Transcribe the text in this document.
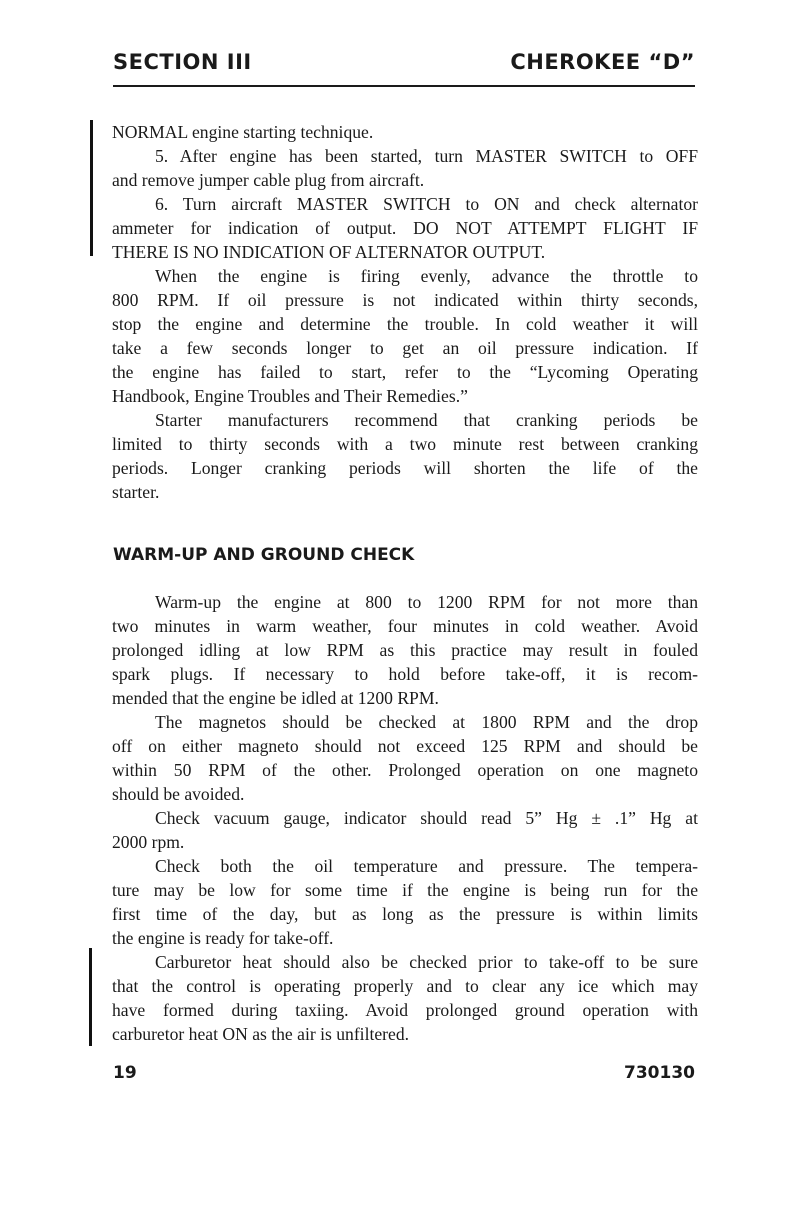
SECTION III	CHEROKEE “D”
NORMAL engine starting technique.
5. After engine has been started, turn MASTER SWITCH to OFF
and remove jumper cable plug from aircraft.
6. Turn aircraft MASTER SWITCH to ON and check alternator
ammeter for indication of output. DO NOT ATTEMPT FLIGHT IF
THERE IS NO INDICATION OF ALTERNATOR OUTPUT.
When the engine is firing evenly, advance the throttle to
800 RPM. If oil pressure is not indicated within thirty seconds,
stop the engine and determine the trouble. In cold weather it will
take a few seconds longer to get an oil pressure indication. If
the engine has failed to start, refer to the “Lycoming Operating
Handbook, Engine Troubles and Their Remedies.”
Starter manufacturers recommend that cranking periods be
limited to thirty seconds with a two minute rest between cranking
periods. Longer cranking periods will shorten the life of the
starter.
WARM-UP AND GROUND CHECK
Warm-up the engine at 800 to 1200 RPM for not more than
two minutes in warm weather, four minutes in cold weather. Avoid
prolonged idling at low RPM as this practice may result in fouled
spark plugs. If necessary to hold before take-off, it is recom-
mended that the engine be idled at 1200 RPM.
The magnetos should be checked at 1800 RPM and the drop
off on either magneto should not exceed 125 RPM and should be
within 50 RPM of the other. Prolonged operation on one magneto
should be avoided.
Check vacuum gauge, indicator should read 5” Hg ± .1” Hg at
2000 rpm.
Check both the oil temperature and pressure. The tempera-
ture may be low for some time if the engine is being run for the
first time of the day, but as long as the pressure is within limits
the engine is ready for take-off.
Carburetor heat should also be checked prior to take-off to be sure
that the control is operating properly and to clear any ice which may
have formed during taxiing. Avoid prolonged ground operation with
carburetor heat ON as the air is unfiltered.
19	730130
